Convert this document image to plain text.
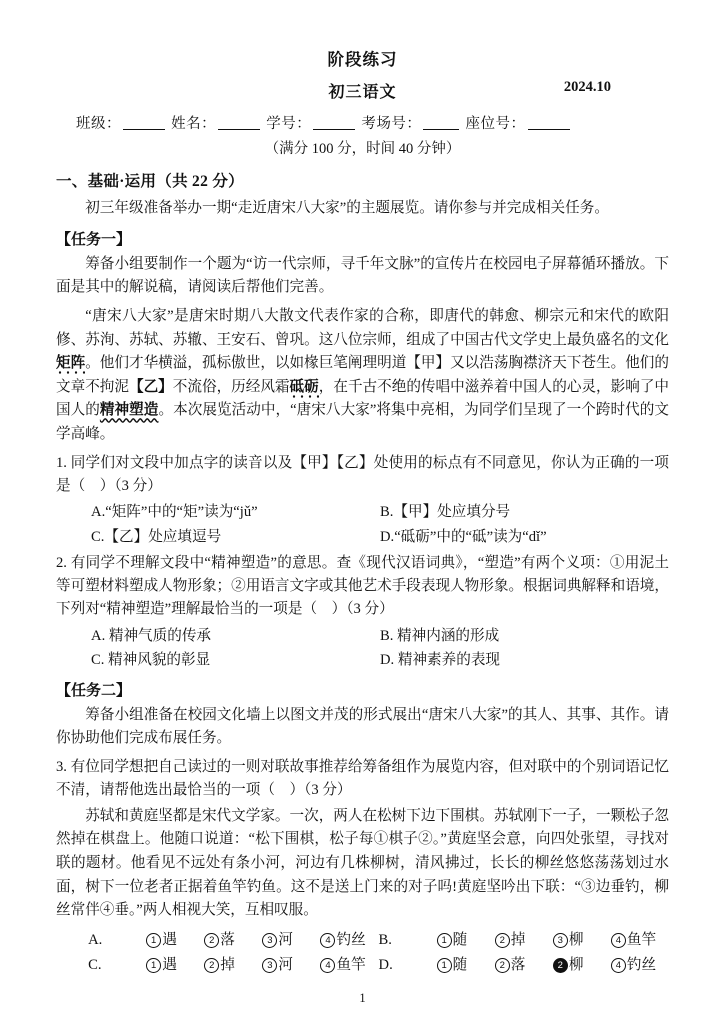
阶段练习
初三语文	2024.10
班级：	姓名：	学号：	考场号：	座位号：
（满分 100 分，时间 40 分钟）
一、基础·运用（共 22 分）

初三年级准备举办一期“走近唐宋八大家”的主题展览。请你参与并完成相关任务。

【任务一】

筹备小组要制作一个题为“访一代宗师，寻千年文脉”的宣传片在校园电子屏幕循环播放。下面是其中的解说稿，请阅读后帮他们完善。

“唐宋八大家”是唐宋时期八大散文代表作家的合称，即唐代的韩愈、柳宗元和宋代的欧阳修、苏洵、苏轼、苏辙、王安石、曾巩。这八位宗师，组成了中国古代文学史上最负盛名的文化矩阵。他们才华横溢，孤标傲世，以如椽巨笔阐理明道【甲】又以浩荡胸襟济天下苍生。他们的文章不拘泥【乙】不流俗，历经风霜砥砺，在千古不绝的传唱中滋养着中国人的心灵，影响了中国人的精神塑造。本次展览活动中，“唐宋八大家”将集中亮相，为同学们呈现了一个跨时代的文学高峰。

1. 同学们对文段中加点字的读音以及【甲】【乙】处使用的标点有不同意见，你认为正确的一项是（　）（3 分）

A.“矩阵”中的“矩”读为“jǔ”	B.【甲】处应填分号
C.【乙】处应填逗号	D.“砥砺”中的“砥”读为“dǐ”

2. 有同学不理解文段中“精神塑造”的意思。查《现代汉语词典》，“塑造”有两个义项：①用泥土等可塑材料塑成人物形象；②用语言文字或其他艺术手段表现人物形象。根据词典解释和语境，下列对“精神塑造”理解最恰当的一项是（　）（3 分）

A. 精神气质的传承	B. 精神内涵的形成
C. 精神风貌的彰显	D. 精神素养的表现
【任务二】

筹备小组准备在校园文化墙上以图文并茂的形式展出“唐宋八大家”的其人、其事、其作。请你协助他们完成布展任务。

3. 有位同学想把自己读过的一则对联故事推荐给筹备组作为展览内容，但对联中的个别词语记忆不清，请帮他选出最恰当的一项（　）（3 分）

苏轼和黄庭坚都是宋代文学家。一次，两人在松树下边下围棋。苏轼刚下一子，一颗松子忽然掉在棋盘上。他随口说道：“松下围棋，松子每①棋子②。”黄庭坚会意，向四处张望，寻找对联的题材。他看见不远处有条小河，河边有几株柳树，清风拂过，长长的柳丝悠悠荡荡划过水面，树下一位老者正据着鱼竿钓鱼。这不是送上门来的对子吗!黄庭坚吟出下联：“③边垂钓，柳丝常伴④垂。”两人相视大笑，互相叹服。

A.	1 遇	2 落	3 河	4 钓丝 B.	1 随	2 掉	3 柳	4 鱼竿
C.	1 遇	2 掉	3 河	4 鱼竿 D.	1 随	2 落	2 柳	4 钓丝
1
